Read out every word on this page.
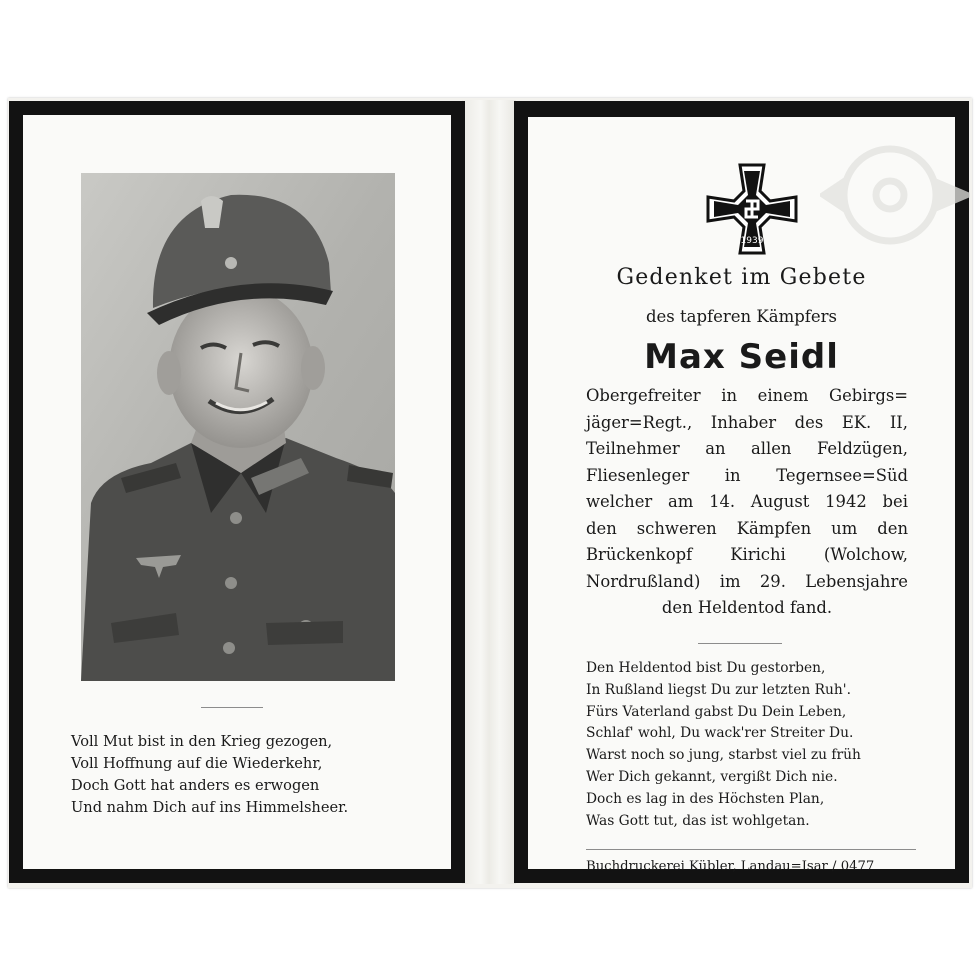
Voll Mut bist in den Krieg gezogen,
Voll Hoffnung auf die Wiederkehr,
Doch Gott hat anders es erwogen
Und nahm Dich auf ins Himmelsheer.
1939
Gedenket im Gebete
des tapferen Kämpfers
Max Seidl
Obergefreiter in einem Gebirgs=
jäger=Regt., Inhaber des EK. II,
Teilnehmer an allen Feldzügen,
Fliesenleger in Tegernsee=Süd
welcher am 14. August 1942 bei
den schweren Kämpfen um den
Brückenkopf Kirichi (Wolchow,
Nordrußland) im 29. Lebensjahre
den Heldentod fand.
Den Heldentod bist Du gestorben,
In Rußland liegst Du zur letzten Ruh'.
Fürs Vaterland gabst Du Dein Leben,
Schlaf' wohl, Du wack'rer Streiter Du.
Warst noch so jung, starbst viel zu früh
Wer Dich gekannt, vergißt Dich nie.
Doch es lag in des Höchsten Plan,
Was Gott tut, das ist wohlgetan.
Buchdruckerei Kübler, Landau=Isar / 0477
